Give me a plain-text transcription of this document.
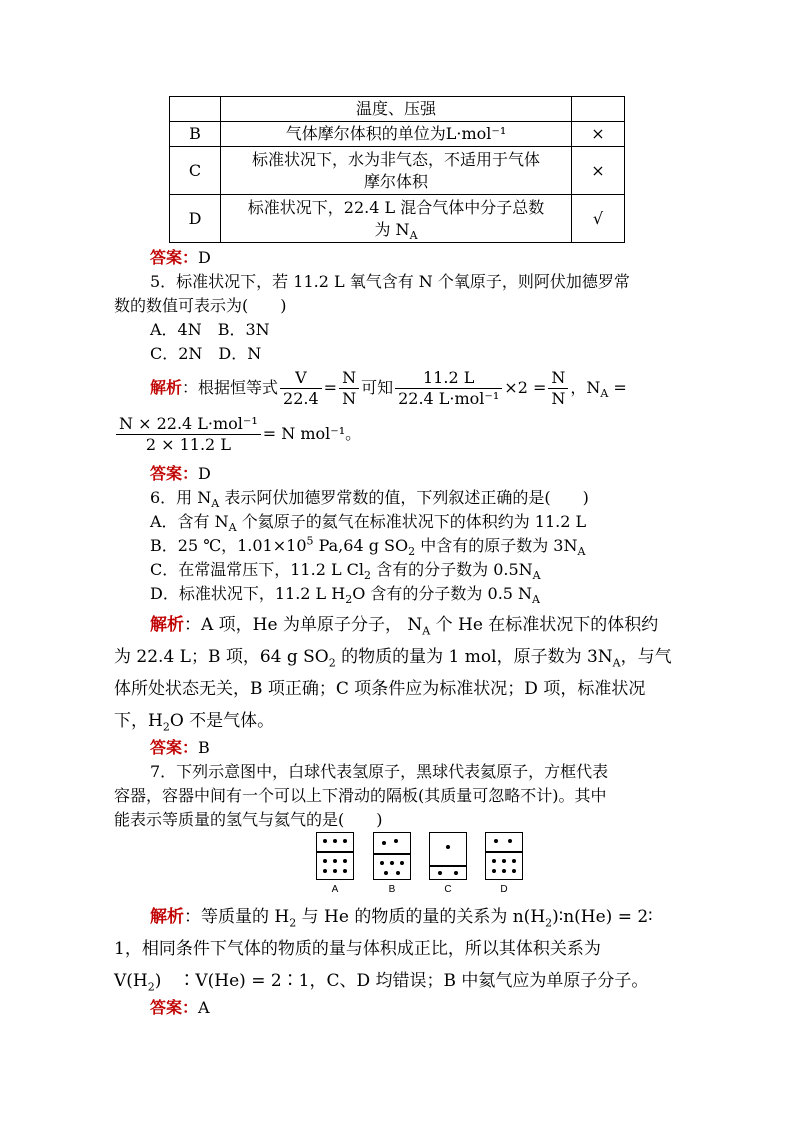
	温度、压强	
B	气体摩尔体积的单位为L·mol⁻¹	×
C	标准状况下，水为非气态，不适用于气体
摩尔体积	×
D	标准状况下，22.4 L 混合气体中分子总数
为 $N_A$	√
答案：D
5．标准状况下，若 11.2 L 氧气含有 N 个氧原子，则阿伏加德罗常
数的数值可表示为(　　)
A．4N　B．3N
C．2N　D．N
解析：根据恒等式 $\frac{V}{22.4} = \frac{N}{N}$ 可知 $\frac{11.2 L}{\text{22.4 L·mol⁻¹}} \times 2 = \frac{N}{N}$ ，$N_A$ =
$\frac{\text{N × 22.4 L·mol⁻¹}}{2 \times 11.2 L} = N$ mol⁻¹。
答案：D
6．用 $N_A$ 表示阿伏加德罗常数的值，下列叙述正确的是(　　)
A．含有 $N_A$ 个氦原子的氦气在标准状况下的体积约为 11.2 L
B．25 ℃，$1.01\times 10^5$ Pa,64 g $SO_2$ 中含有的原子数为 $3N_A$
C．在常温常压下，11.2 L $Cl_2$ 含有的分子数为 $0.5N_A$
D．标准状况下，11.2 L $H_2O$ 含有的分子数为 0.5 $N_A$
解析：A 项，He 为单原子分子， $N_A$ 个 He 在标准状况下的体积约
为 22.4 L；B 项，64 g $SO_2$ 的物质的量为 1 mol，原子数为 $3N_A$，与气
体所处状态无关，B 项正确；C 项条件应为标准状况；D 项，标准状况
下，$H_2O$ 不是气体。
答案：B
7．下列示意图中，白球代表氢原子，黑球代表氦原子，方框代表
容器，容器中间有一个可以上下滑动的隔板(其质量可忽略不计)。其中
能表示等质量的氢气与氦气的是(　　)
A	B	C	D
解析：等质量的 $H_2$ 与 He 的物质的量的关系为 $n(H_2)∶n(He)$ = 2∶
1，相同条件下气体的物质的量与体积成正比，所以其体积关系为
$V(H_2)$　∶V(He) = 2∶1，C、D 均错误；B 中氦气应为单原子分子。
答案：A
